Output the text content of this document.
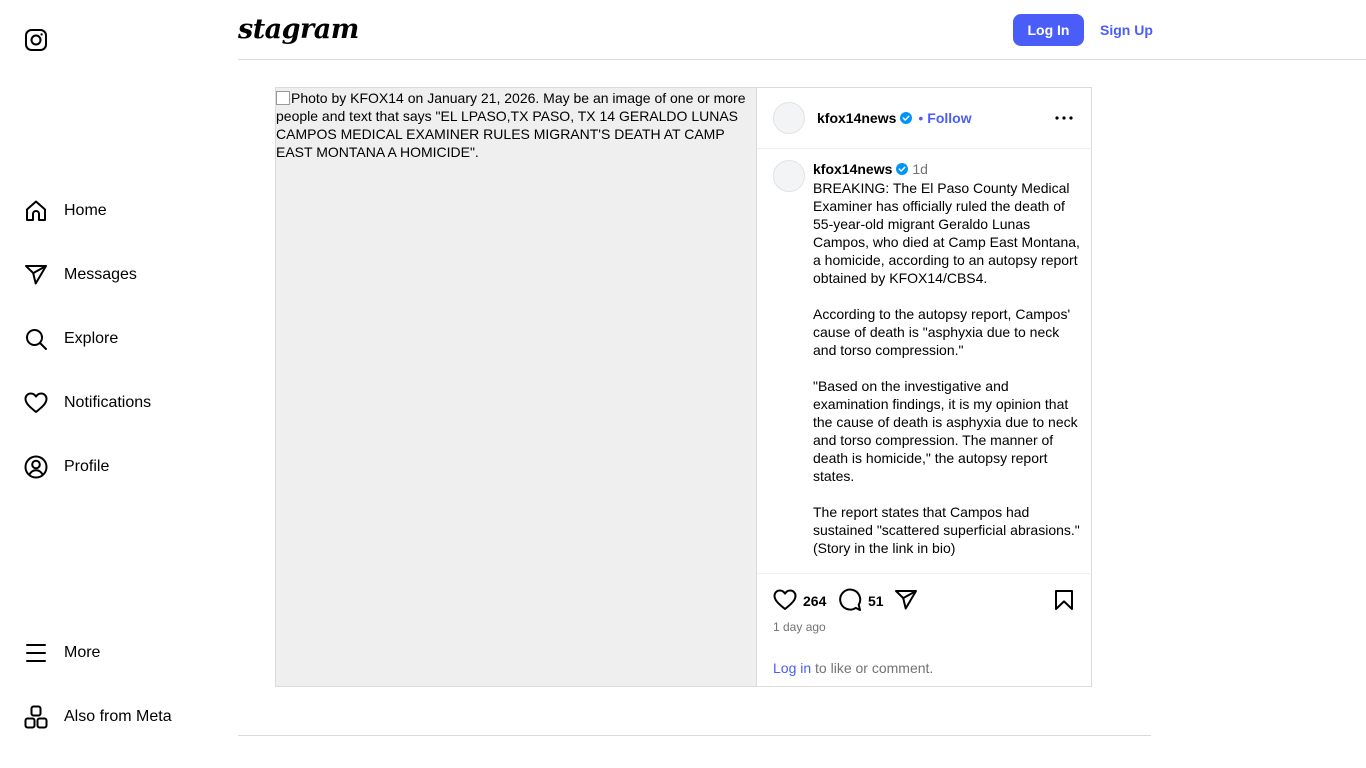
Home
Messages
Explore
Notifications
Profile
More
Also from Meta
stagram	Log In	Sign Up
Photo by KFOX14 on January 21, 2026. May be an image of one or more people and text that says "EL LPASO,TX PASO, TX 14 GERALDO LUNAS CAMPOS MEDICAL EXAMINER RULES MIGRANT'S DEATH AT CAMP EAST MONTANA A HOMICIDE".
kfox14news • Follow
kfox14news 1d
BREAKING: The El Paso County Medical Examiner has officially ruled the death of 55-year-old migrant Geraldo Lunas Campos, who died at Camp East Montana, a homicide, according to an autopsy report obtained by KFOX14/CBS4.

According to the autopsy report, Campos' cause of death is "asphyxia due to neck and torso compression."

"Based on the investigative and examination findings, it is my opinion that the cause of death is asphyxia due to neck and torso compression. The manner of death is homicide," the autopsy report states.

The report states that Campos had sustained "scattered superficial abrasions." (Story in the link in bio)
264	51
1 day ago
Log in to like or comment.
